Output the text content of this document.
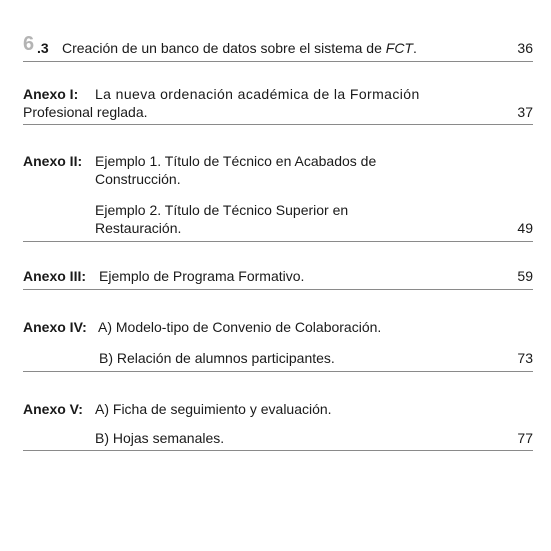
6 .3 Creación de un banco de datos sobre el sistema de FCT.	36
Anexo I: La nueva ordenación académica de la Formación
Profesional reglada.	37
Anexo II: Ejemplo 1. Título de Técnico en Acabados de
Construcción.
Ejemplo 2. Título de Técnico Superior en
Restauración.	49
Anexo III: Ejemplo de Programa Formativo.	59
Anexo IV: A) Modelo-tipo de Convenio de Colaboración.
B) Relación de alumnos participantes.	73
Anexo V: A) Ficha de seguimiento y evaluación.
B) Hojas semanales.	77
